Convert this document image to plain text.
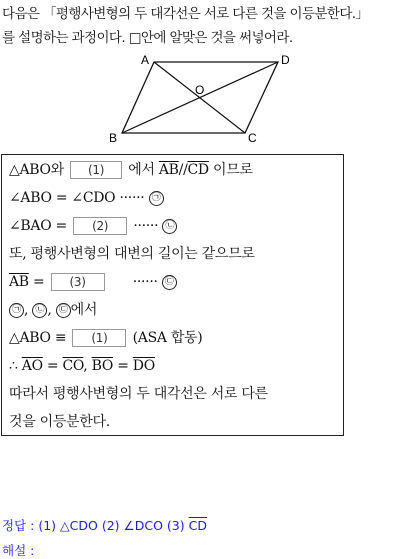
다음은 「평행사변형의 두 대각선은 서로 다른 것을 이등분한다.」
를 설명하는 과정이다. □안에 알맞은 것을 써넣어라.
A	D
B	C
O
△ABO와 (1) 에서 $\overline{AB}//\overline{CD}$ 이므로
∠ABO = ∠CDO ······ ㉠
∠BAO = (2) ······ ㉡
또, 평행사변형의 대변의 길이는 같으므로
$\overline{AB} = (3)$	······ ㉢
㉠ , ㉡ , ㉢ 에서
△ABO ≡ (1) (ASA 합동)
∴ $\overline{AO} = \overline{CO}$, $\overline{BO} = \overline{DO}$
따라서 평행사변형의 두 대각선은 서로 다른
것을 이등분한다.
정답 : (1) △CDO (2) ∠DCO (3) $\overline{CD}$
해설 :
